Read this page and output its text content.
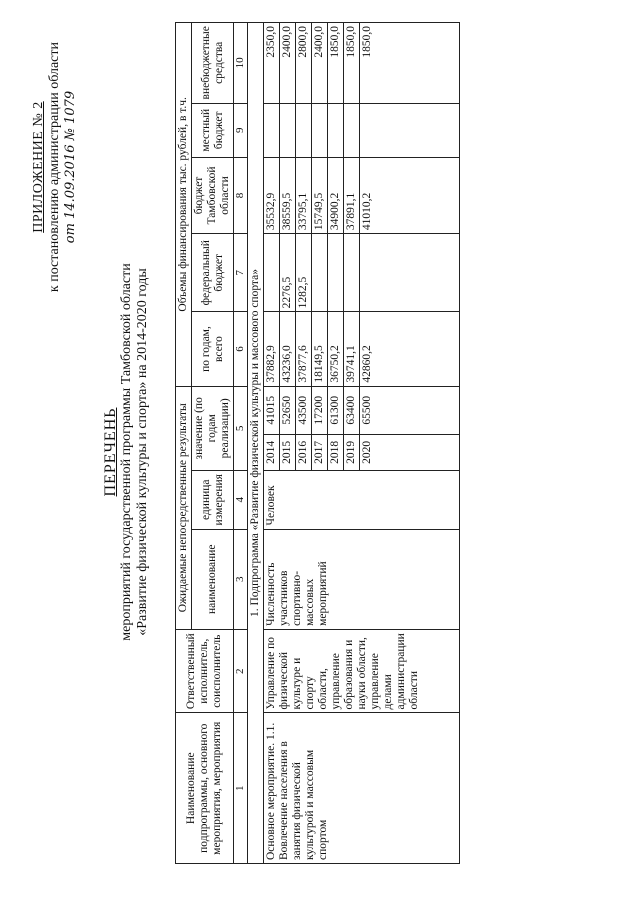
ПРИЛОЖЕНИЕ № 2 к постановлению администрации области от 14.09.2016 № 1079
ПЕРЕЧЕНЬ мероприятий государственной программы Тамбовской области «Развитие физической культуры и спорта» на 2014-2020 годы
Наименование подпрограммы, основного мероприятия, мероприятия	Ответственный исполнитель, соисполнитель	Ожидаемые непосредственные результаты				Объемы финансирования тыс. рублей, в т.ч.				
		наименование	единица измерения	значение (по годам реализации)		по годам, всего	федеральный бюджет	бюджет Тамбовской области	местный бюджет	внебюджетные средства
1	2	3	4	5		6	7	8	9	10
1. Подпрограмма «Развитие физической культуры и массового спорта»										
Основное мероприятие. 1.1. Вовлечение населения в занятия физической культурой и массовым спортом	Управление по физической культуре и спорту области, управление образования и науки области, управление делами администрации области	Численность участников спортивно-массовых мероприятий	Человек	2014	41015	37882,9		35532,9		2350,0
				2015	52650	43236,0	2276,5	38559,5		2400,0
				2016	43500	37877,6	1282,5	33795,1		2800,0
				2017	17200	18149,5		15749,5		2400,0
				2018	61300	36750,2		34900,2		1850,0
				2019	63400	39741,1		37891,1		1850,0
				2020	65500	42860,2		41010,2		1850,0
